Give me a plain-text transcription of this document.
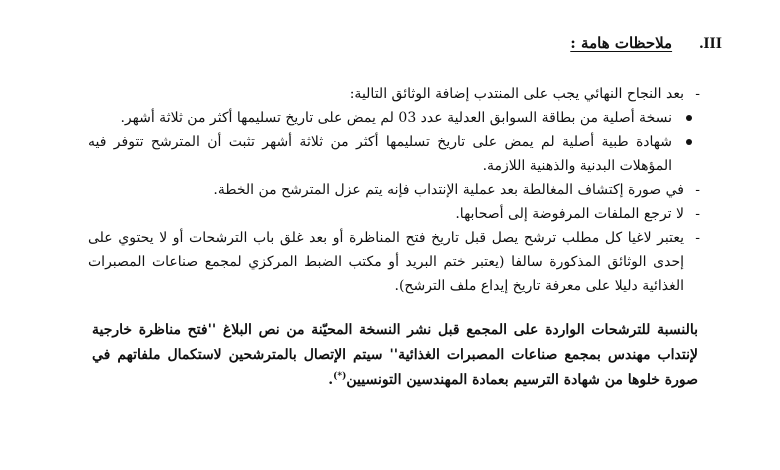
III. ملاحظات هامة :
-
بعد النجاح النهائي يجب على المنتدب إضافة الوثائق التالية:
نسخة أصلية من بطاقة السوابق العدلية عدد 03 لم يمض على تاريخ تسليمها أكثر من ثلاثة أشهر.
شهادة طبية أصلية لم يمض على تاريخ تسليمها أكثر من ثلاثة أشهر تثبت أن المترشح تتوفر فيه المؤهلات البدنية والذهنية اللازمة.
-
في صورة إكتشاف المغالطة بعد عملية الإنتداب فإنه يتم عزل المترشح من الخطة.
-
لا ترجع الملفات المرفوضة إلى أصحابها.
-
يعتبر لاغيا كل مطلب ترشح يصل قبل تاريخ فتح المناظرة أو بعد غلق باب الترشحات أو لا يحتوي على إحدى الوثائق المذكورة سالفا (يعتبر ختم البريد أو مكتب الضبط المركزي لمجمع صناعات المصبرات الغذائية دليلا على معرفة تاريخ إيداع ملف الترشح).
بالنسبة للترشحات الواردة على المجمع قبل نشر النسخة المحيّنة من نص البلاغ ''فتح مناظرة خارجية لإنتداب مهندس بمجمع صناعات المصبرات الغذائية'' سيتم الإتصال بالمترشحين لاستكمال ملفاتهم في صورة خلوها من شهادة الترسيم بعمادة المهندسين التونسيين(*).
